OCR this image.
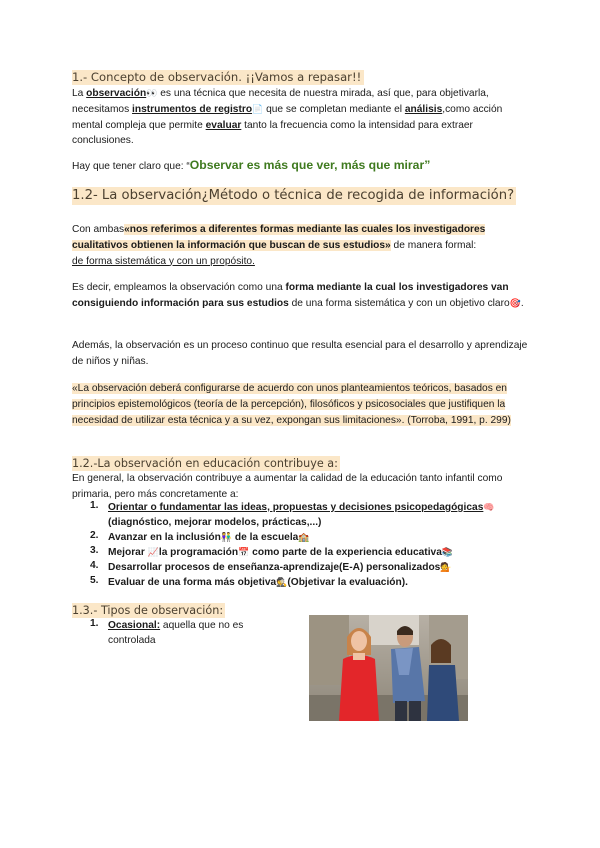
1.- Concepto de observación. ¡¡Vamos a repasar!!
La observación👀 es una técnica que necesita de nuestra mirada, así que, para objetivarla, necesitamos instrumentos de registro📄 que se completan mediante el análisis,como acción mental compleja que permite evaluar tanto la frecuencia como la intensidad para extraer conclusiones.
Hay que tener claro que: “Observar es más que ver, más que mirar”
1.2- La observación¿Método o técnica de recogida de información?
Con ambas«nos referimos a diferentes formas mediante las cuales los investigadores cualitativos obtienen la información que buscan de sus estudios» de manera formal:
de forma sistemática y con un propósito.
Es decir, empleamos la observación como una forma mediante la cual los investigadores van consiguiendo información para sus estudios de una forma sistemática y con un objetivo claro🎯.
Además, la observación es un proceso continuo que resulta esencial para el desarrollo y aprendizaje de niños y niñas.
«La observación deberá configurarse de acuerdo con unos planteamientos teóricos, basados en principios epistemológicos (teoría de la percepción), filosóficos y psicosociales que justifiquen la necesidad de utilizar esta técnica y a su vez, expongan sus limitaciones». (Torroba, 1991, p. 299)
1.2.-La observación en educación contribuye a:
En general, la observación contribuye a aumentar la calidad de la educación tanto infantil como primaria, pero más concretamente a:
1. Orientar o fundamentar las ideas, propuestas y decisiones psicopedagógicas🧠(diagnóstico, mejorar modelos, prácticas,...)
2. Avanzar en la inclusión👫 de la escuela🏫
3. Mejorar 📈la programación📅 como parte de la experiencia educativa📚
4. Desarrollar procesos de enseñanza-aprendizaje(E-A) personalizados💁
5. Evaluar de una forma más objetiva🕵(Objetivar la evaluación).
1.3.- Tipos de observación:
1. Ocasional: aquella que no es controlada
